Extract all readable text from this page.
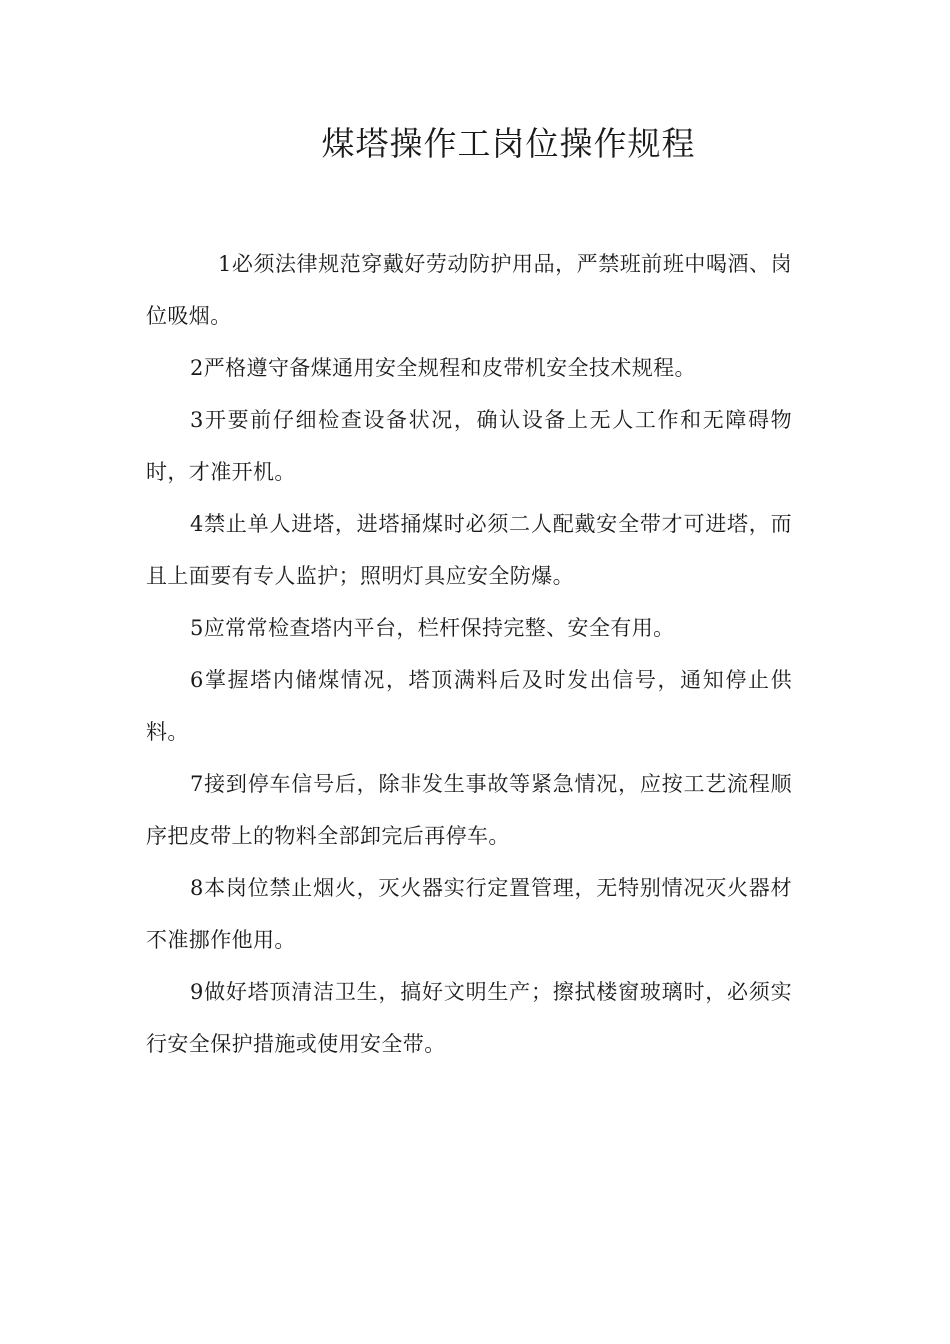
煤塔操作工岗位操作规程

1必须法律规范穿戴好劳动防护用品，严禁班前班中喝酒、岗位吸烟。

2严格遵守备煤通用安全规程和皮带机安全技术规程。

3开要前仔细检查设备状况，确认设备上无人工作和无障碍物时，才准开机。

4禁止单人进塔，进塔捅煤时必须二人配戴安全带才可进塔，而且上面要有专人监护；照明灯具应安全防爆。

5应常常检查塔内平台，栏杆保持完整、安全有用。

6掌握塔内储煤情况，塔顶满料后及时发出信号，通知停止供料。

7接到停车信号后，除非发生事故等紧急情况，应按工艺流程顺序把皮带上的物料全部卸完后再停车。

8本岗位禁止烟火，灭火器实行定置管理，无特别情况灭火器材不准挪作他用。

9做好塔顶清洁卫生，搞好文明生产；擦拭楼窗玻璃时，必须实行安全保护措施或使用安全带。
